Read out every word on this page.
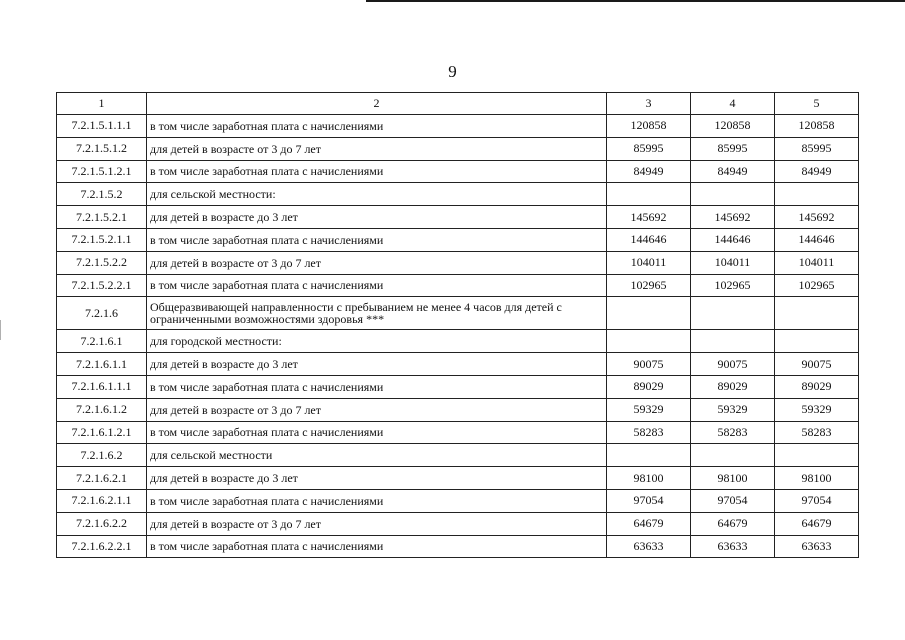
9
1	2	3	4	5
7.2.1.5.1.1.1	в том числе заработная плата с начислениями	120858	120858	120858
7.2.1.5.1.2	для детей в возрасте от 3 до 7 лет	85995	85995	85995
7.2.1.5.1.2.1	в том числе заработная плата с начислениями	84949	84949	84949
7.2.1.5.2	для сельской местности:			
7.2.1.5.2.1	для детей в возрасте до 3 лет	145692	145692	145692
7.2.1.5.2.1.1	в том числе заработная плата с начислениями	144646	144646	144646
7.2.1.5.2.2	для детей в возрасте от 3 до 7 лет	104011	104011	104011
7.2.1.5.2.2.1	в том числе заработная плата с начислениями	102965	102965	102965
7.2.1.6	Общеразвивающей направленности с пребыванием не менее 4 часов для детей с ограниченными возможностями здоровья ***			
7.2.1.6.1	для городской местности:			
7.2.1.6.1.1	для детей в возрасте до 3 лет	90075	90075	90075
7.2.1.6.1.1.1	в том числе заработная плата с начислениями	89029	89029	89029
7.2.1.6.1.2	для детей в возрасте от 3 до 7 лет	59329	59329	59329
7.2.1.6.1.2.1	в том числе заработная плата с начислениями	58283	58283	58283
7.2.1.6.2	для сельской местности			
7.2.1.6.2.1	для детей в возрасте до 3 лет	98100	98100	98100
7.2.1.6.2.1.1	в том числе заработная плата с начислениями	97054	97054	97054
7.2.1.6.2.2	для детей в возрасте от 3 до 7 лет	64679	64679	64679
7.2.1.6.2.2.1	в том числе заработная плата с начислениями	63633	63633	63633
